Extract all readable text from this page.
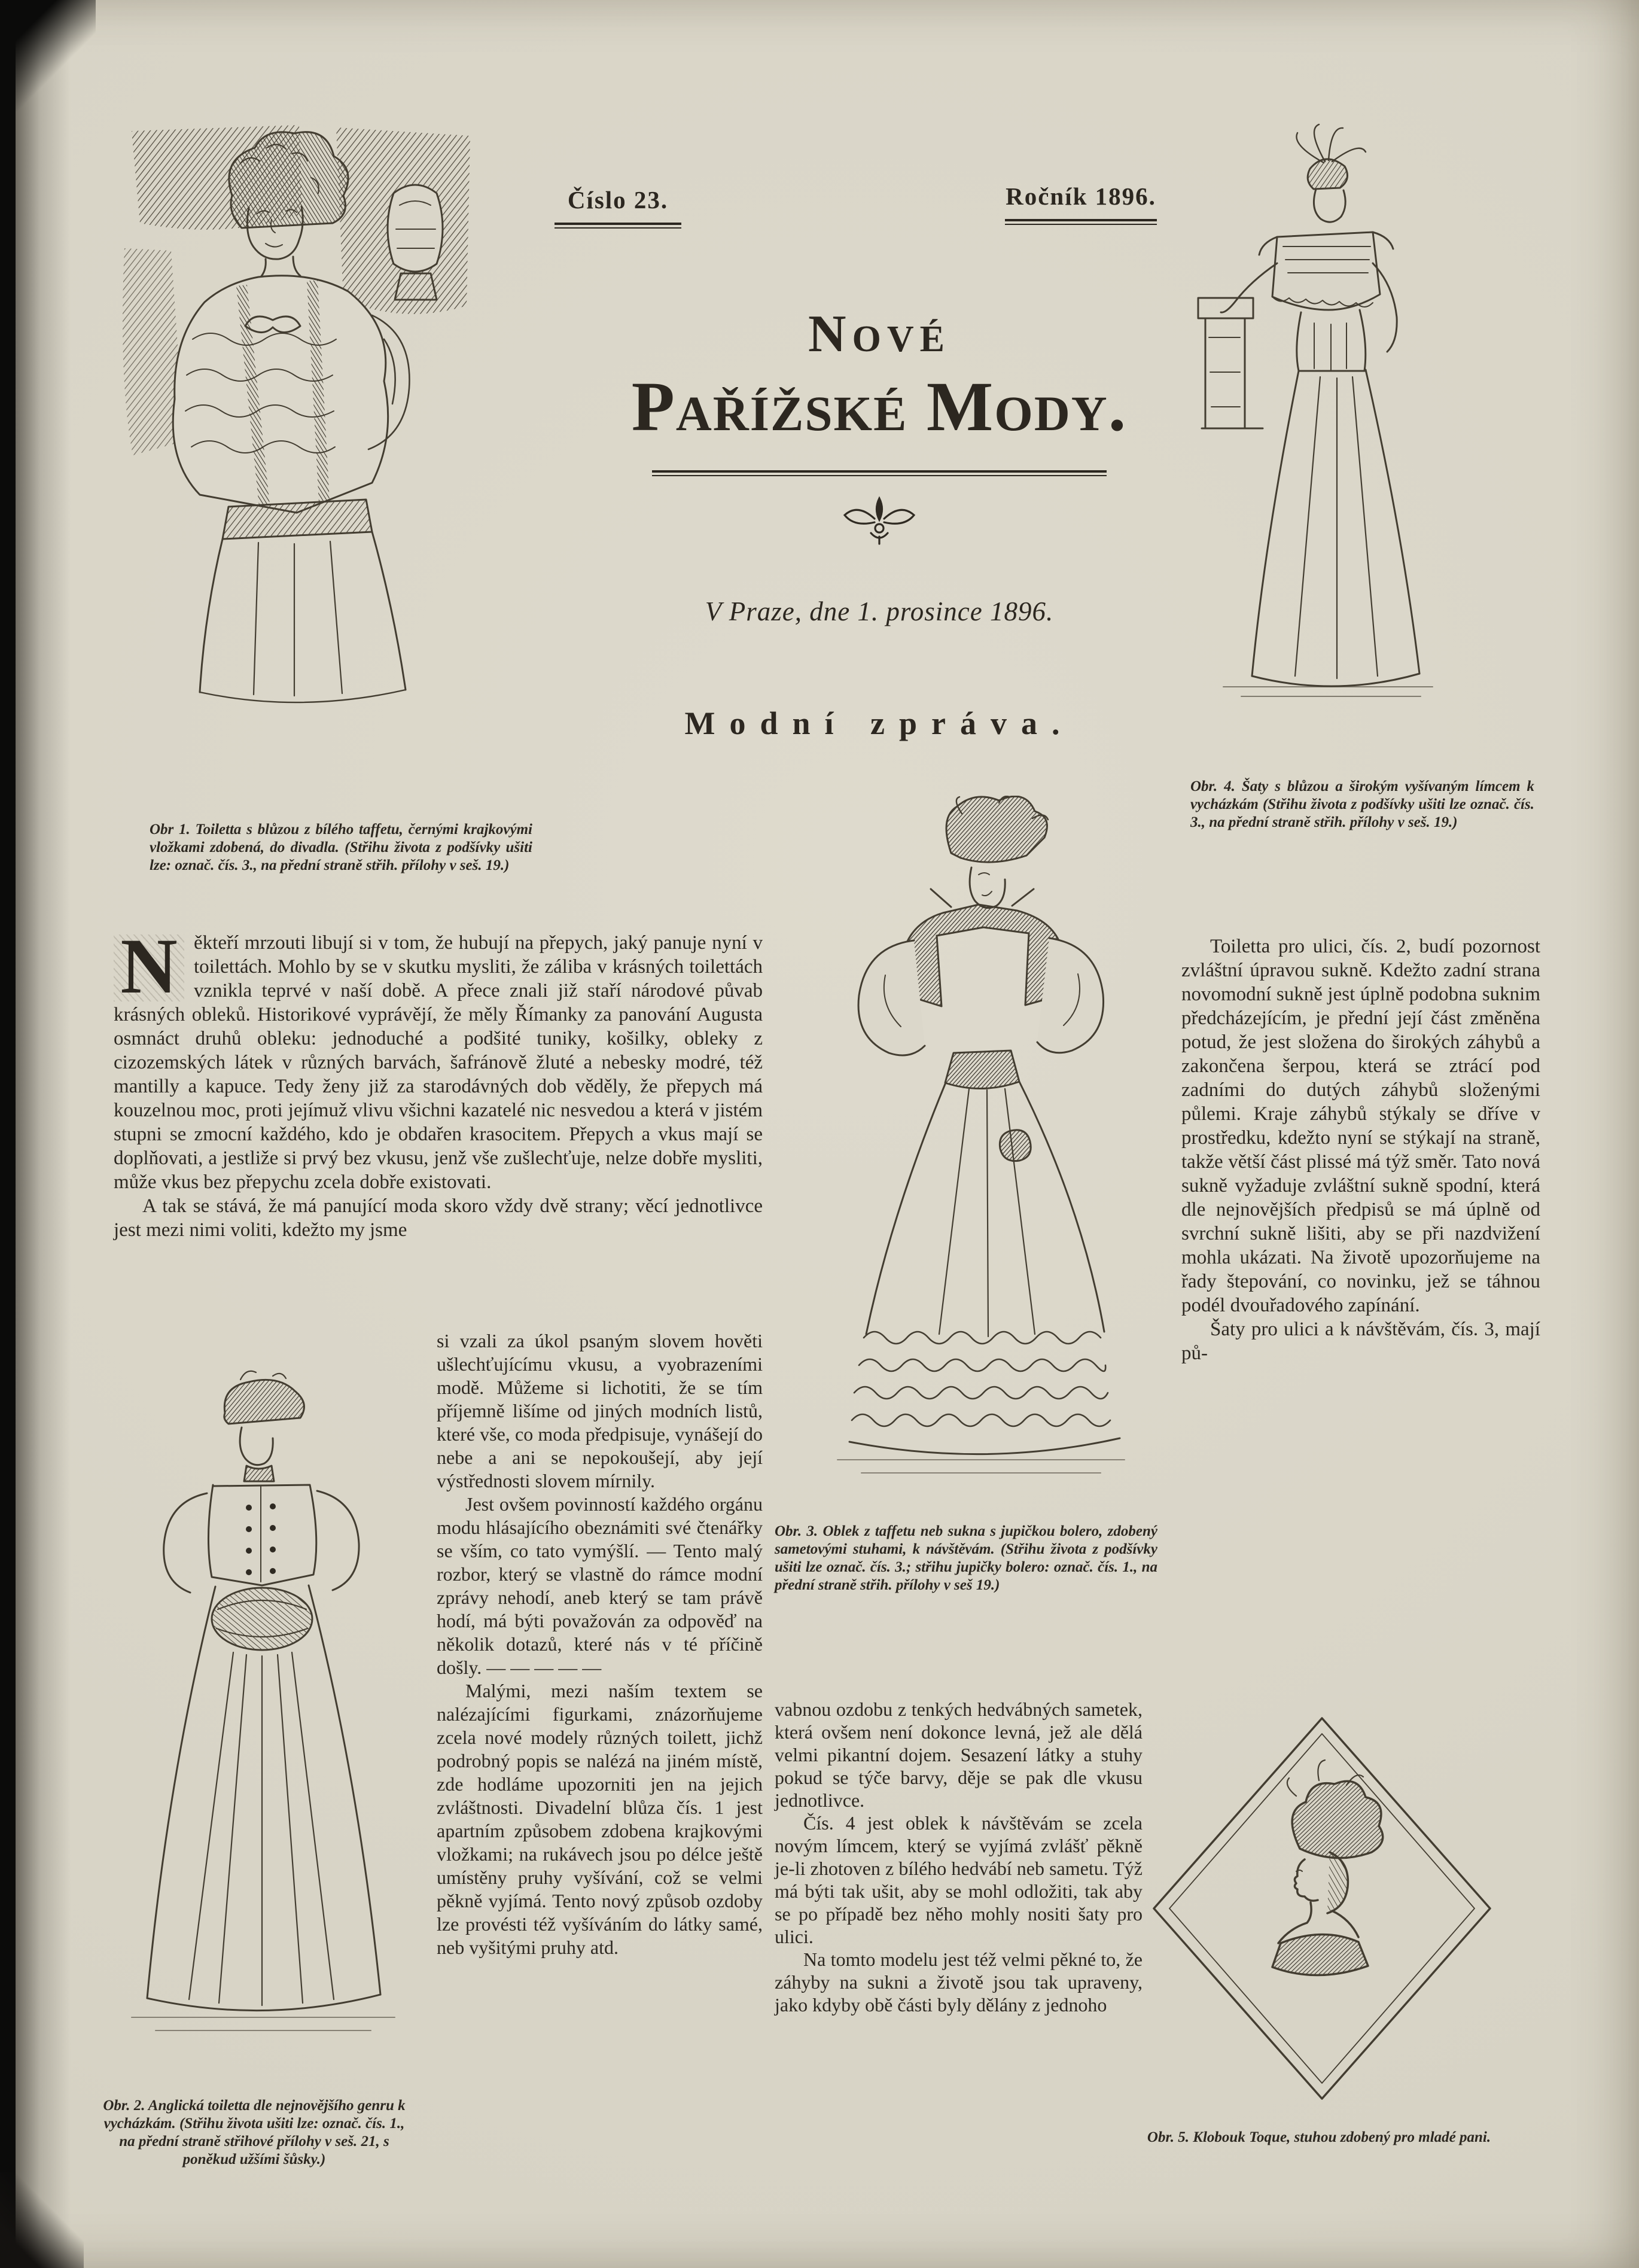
Číslo 23.	Ročník 1896.
Nové
Pařížské Mody.
V Praze, dne 1. prosince 1896.
Modní zpráva.
Obr 1. Toiletta s blůzou z bílého taffetu, černými krajkovými vložkami zdobená, do divadla. (Střihu života z podšívky ušiti lze: označ. čís. 3., na přední straně střih. přílohy v seš. 19.)
Obr. 4. Šaty s blůzou a širokým vyšívaným límcem k vycházkám (Střihu života z podšívky ušiti lze označ. čís. 3., na přední straně střih. přílohy v seš. 19.)
Obr. 3. Oblek z taffetu neb sukna s jupičkou bolero, zdobený sametovými stuhami, k návštěvám. (Střihu života z podšívky ušiti lze označ. čís. 3.; střihu jupičky bolero: označ. čís. 1., na přední straně střih. přílohy v seš 19.)
Obr. 2. Anglická toiletta dle nejnovějšího genru k vycházkám. (Střihu života ušiti lze: označ. čís. 1., na přední straně střihové přílohy v seš. 21, s poněkud užšími šůsky.)
Obr. 5. Klobouk Toque, stuhou zdobený pro mladé pani.

N ěkteří mrzouti libují si v tom, že hubují na přepych, jaký panuje nyní v toilettách. Mohlo by se v skutku mysliti, že záliba v krásných toilettách vznikla teprvé v naší době. A přece znali již staří národové půvab krásných obleků. Historikové vyprávějí, že měly Římanky za panování Augusta osmnáct druhů obleku: jednoduché a podšité tuniky, košilky, obleky z cizozemských látek v různých barvách, šafránově žluté a nebesky modré, též mantilly a kapuce. Tedy ženy již za starodávných dob věděly, že přepych má kouzelnou moc, proti jejímuž vlivu všichni kazatelé nic nesvedou a která v jistém stupni se zmocní každého, kdo je obdařen krasocitem. Přepych a vkus mají se doplňovati, a jestliže si prvý bez vkusu, jenž vše zušlechťuje, nelze dobře mysliti, může vkus bez přepychu zcela dobře existovati.

A tak se stává, že má panující moda skoro vždy dvě strany; věcí jednotlivce jest mezi nimi voliti, kdežto my jsme

si vzali za úkol psaným slovem hověti ušlechťujícímu vkusu, a vyobrazeními modě. Můžeme si lichotiti, že se tím příjemně lišíme od jiných modních listů, které vše, co moda předpisuje, vynášejí do nebe a ani se nepokoušejí, aby její výstřednosti slovem mírnily.

Jest ovšem povinností každého orgánu modu hlásajícího obeznámiti své čtenářky se vším, co tato vymýšlí. — Tento malý rozbor, který se vlastně do rámce modní zprávy nehodí, aneb který se tam právě hodí, má býti považován za odpověď na několik dotazů, které nás v té příčině došly. — — — — —

Malými, mezi naším textem se nalézajícími figurkami, znázorňujeme zcela nové modely různých toilett, jichž podrobný popis se nalézá na jiném místě, zde hodláme upozorniti jen na jejich zvláštnosti. Divadelní blůza čís. 1 jest apartním způsobem zdobena krajkovými vložkami; na rukávech jsou po délce ještě umístěny pruhy vyšívání, což se velmi pěkně vyjímá. Tento nový způsob ozdoby lze provésti též vyšíváním do látky samé, neb vyšitými pruhy atd.

Toiletta pro ulici, čís. 2, budí pozornost zvláštní úpravou sukně. Kdežto zadní strana novomodní sukně jest úplně podobna suknim předcházejícím, je přední její část změněna potud, že jest složena do širokých záhybů a zakončena šerpou, která se ztrácí pod zadními do dutých záhybů složenými půlemi. Kraje záhybů stýkaly se dříve v prostředku, kdežto nyní se stýkají na straně, takže větší část plissé má týž směr. Tato nová sukně vyžaduje zvláštní sukně spodní, která dle nejnovějších předpisů se má úplně od svrchní sukně lišiti, aby se při nazdvižení mohla ukázati. Na životě upozorňujeme na řady štepování, co novinku, jež se táhnou podél dvouřadového zapínání.

Šaty pro ulici a k návštěvám, čís. 3, mají pů-

vabnou ozdobu z tenkých hedvábných sametek, která ovšem není dokonce levná, jež ale dělá velmi pikantní dojem. Sesazení látky a stuhy pokud se týče barvy, děje se pak dle vkusu jednotlivce.

Čís. 4 jest oblek k návštěvám se zcela novým límcem, který se vyjímá zvlášť pěkně je-li zhotoven z bílého hedvábí neb sametu. Týž má býti tak ušit, aby se mohl odložiti, tak aby se po případě bez něho mohly nositi šaty pro ulici.

Na tomto modelu jest též velmi pěkné to, že záhyby na sukni a životě jsou tak upraveny, jako kdyby obě části byly dělány z jednoho
